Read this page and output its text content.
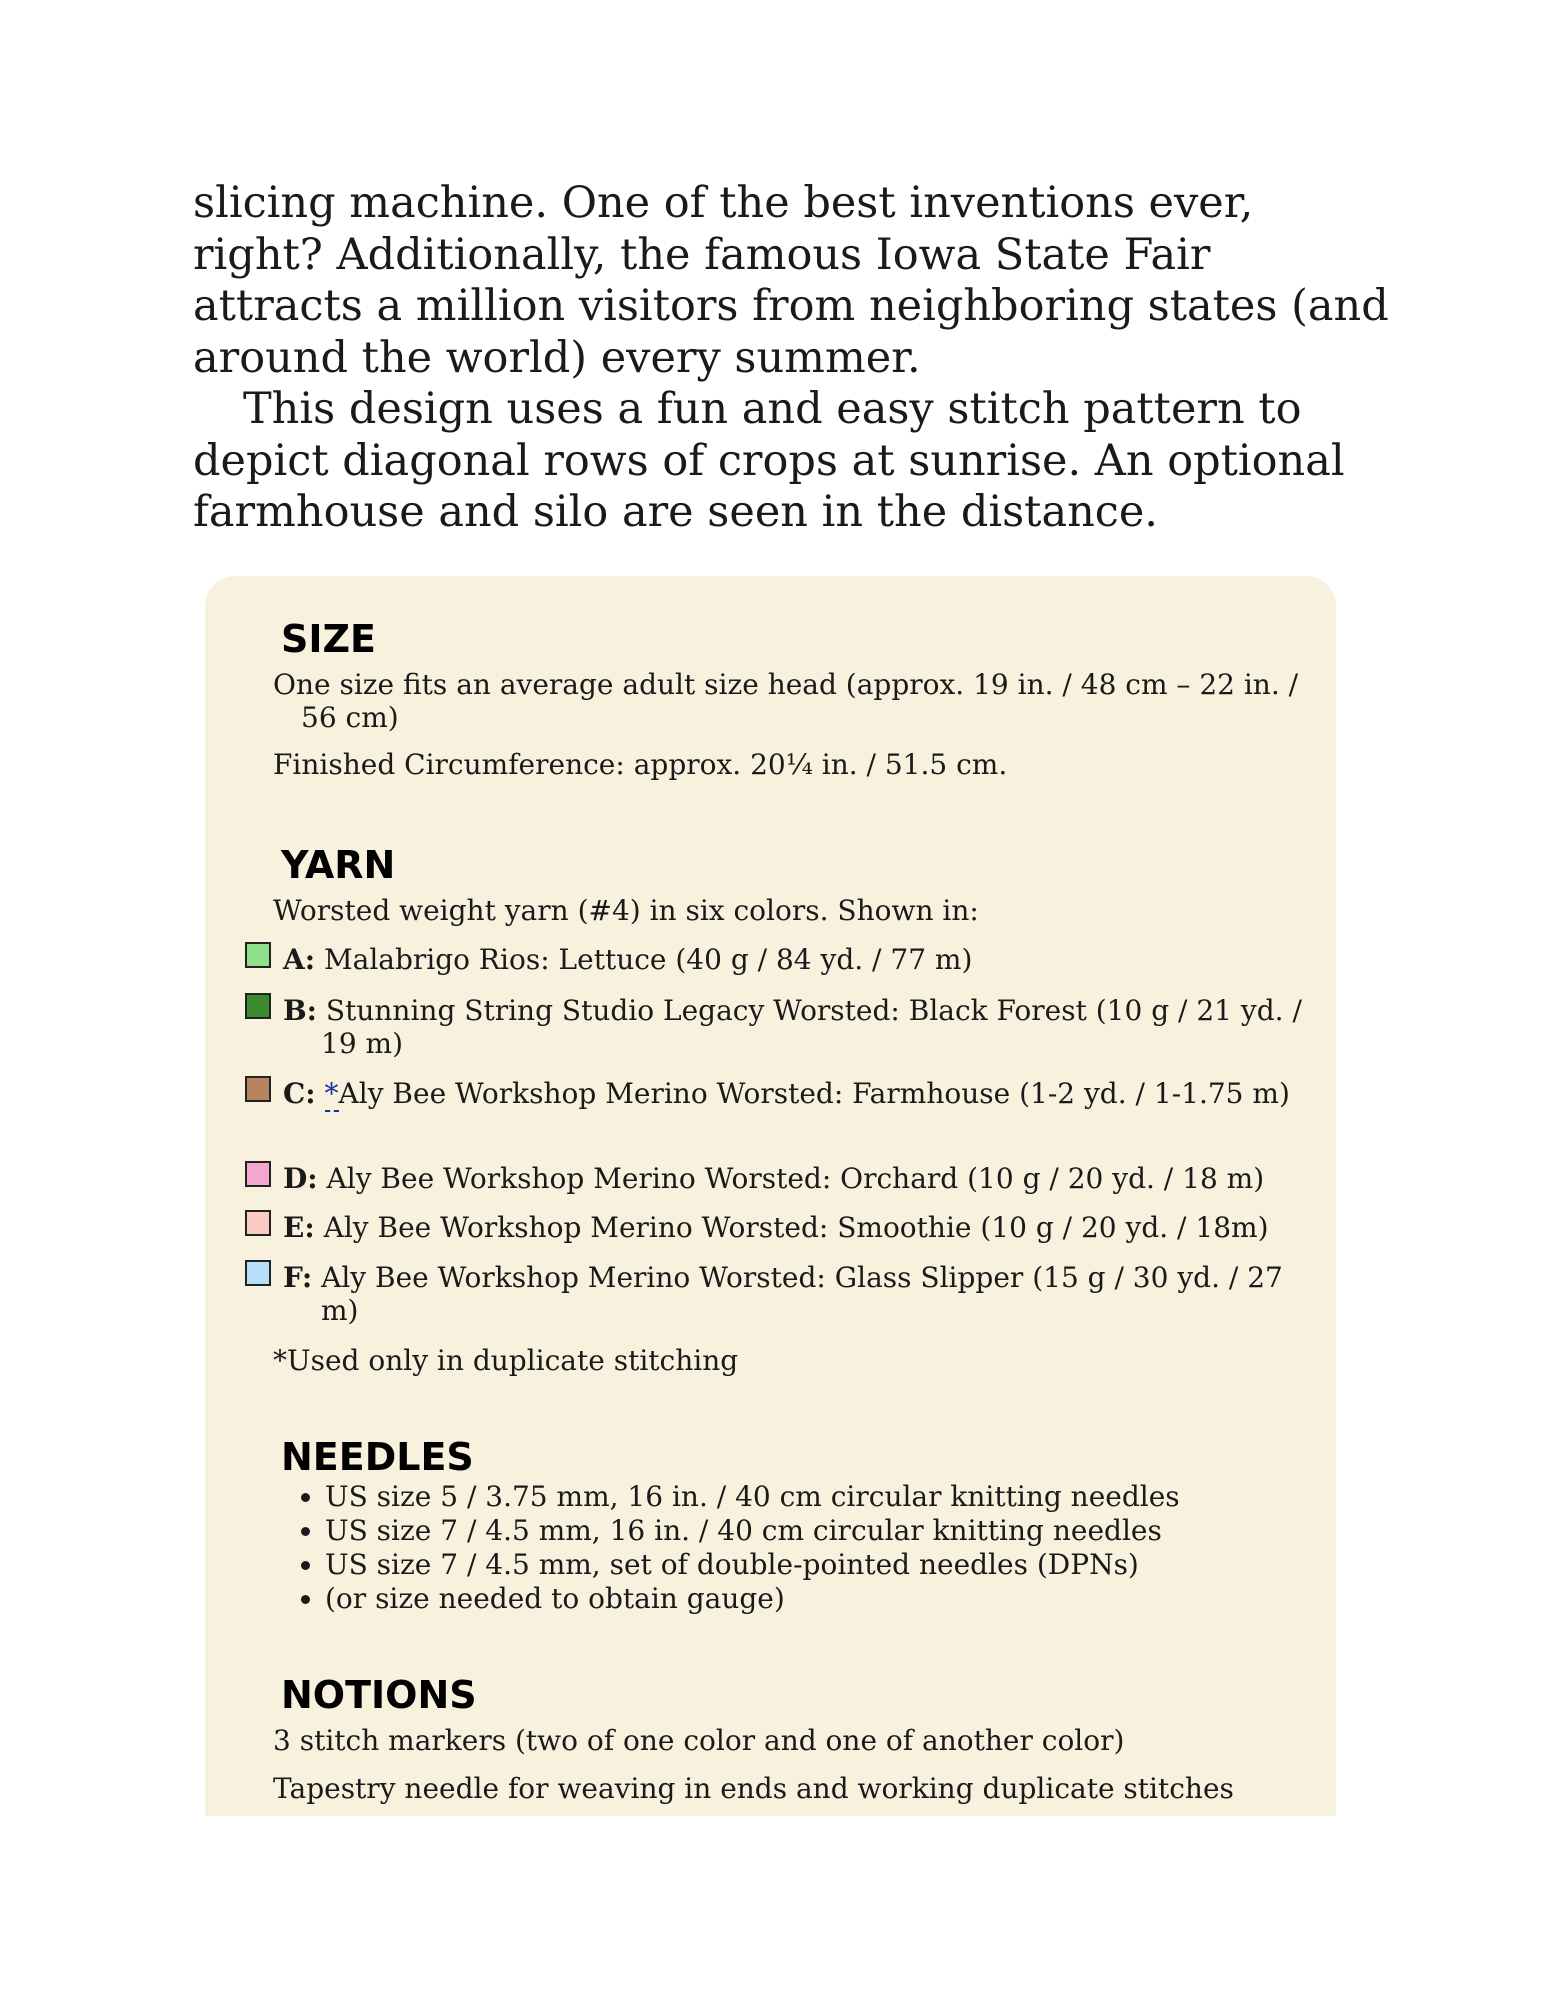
slicing machine. One of the best inventions ever, right? Additionally, the famous Iowa State Fair attracts a million visitors from neighboring states (and around the world) every summer.

This design uses a fun and easy stitch pattern to depict diagonal rows of crops at sunrise. An optional farmhouse and silo are seen in the distance.

SIZE
One size fits an average adult size head (approx. 19 in. / 48 cm – 22 in. / 56 cm)
Finished Circumference: approx. 20¼ in. / 51.5 cm.
YARN
Worsted weight yarn (#4) in six colors. Shown in:
A: Malabrigo Rios: Lettuce (40 g / 84 yd. / 77 m)
B: Stunning String Studio Legacy Worsted: Black Forest (10 g / 21 yd. / 19 m)
C: *Aly Bee Workshop Merino Worsted: Farmhouse (1-2 yd. / 1-1.75 m)
D: Aly Bee Workshop Merino Worsted: Orchard (10 g / 20 yd. / 18 m)
E: Aly Bee Workshop Merino Worsted: Smoothie (10 g / 20 yd. / 18m)
F: Aly Bee Workshop Merino Worsted: Glass Slipper (15 g / 30 yd. / 27 m)
*Used only in duplicate stitching
NEEDLES
• US size 5 / 3.75 mm, 16 in. / 40 cm circular knitting needles
• US size 7 / 4.5 mm, 16 in. / 40 cm circular knitting needles
• US size 7 / 4.5 mm, set of double-pointed needles (DPNs)
• (or size needed to obtain gauge)
NOTIONS
3 stitch markers (two of one color and one of another color)
Tapestry needle for weaving in ends and working duplicate stitches
